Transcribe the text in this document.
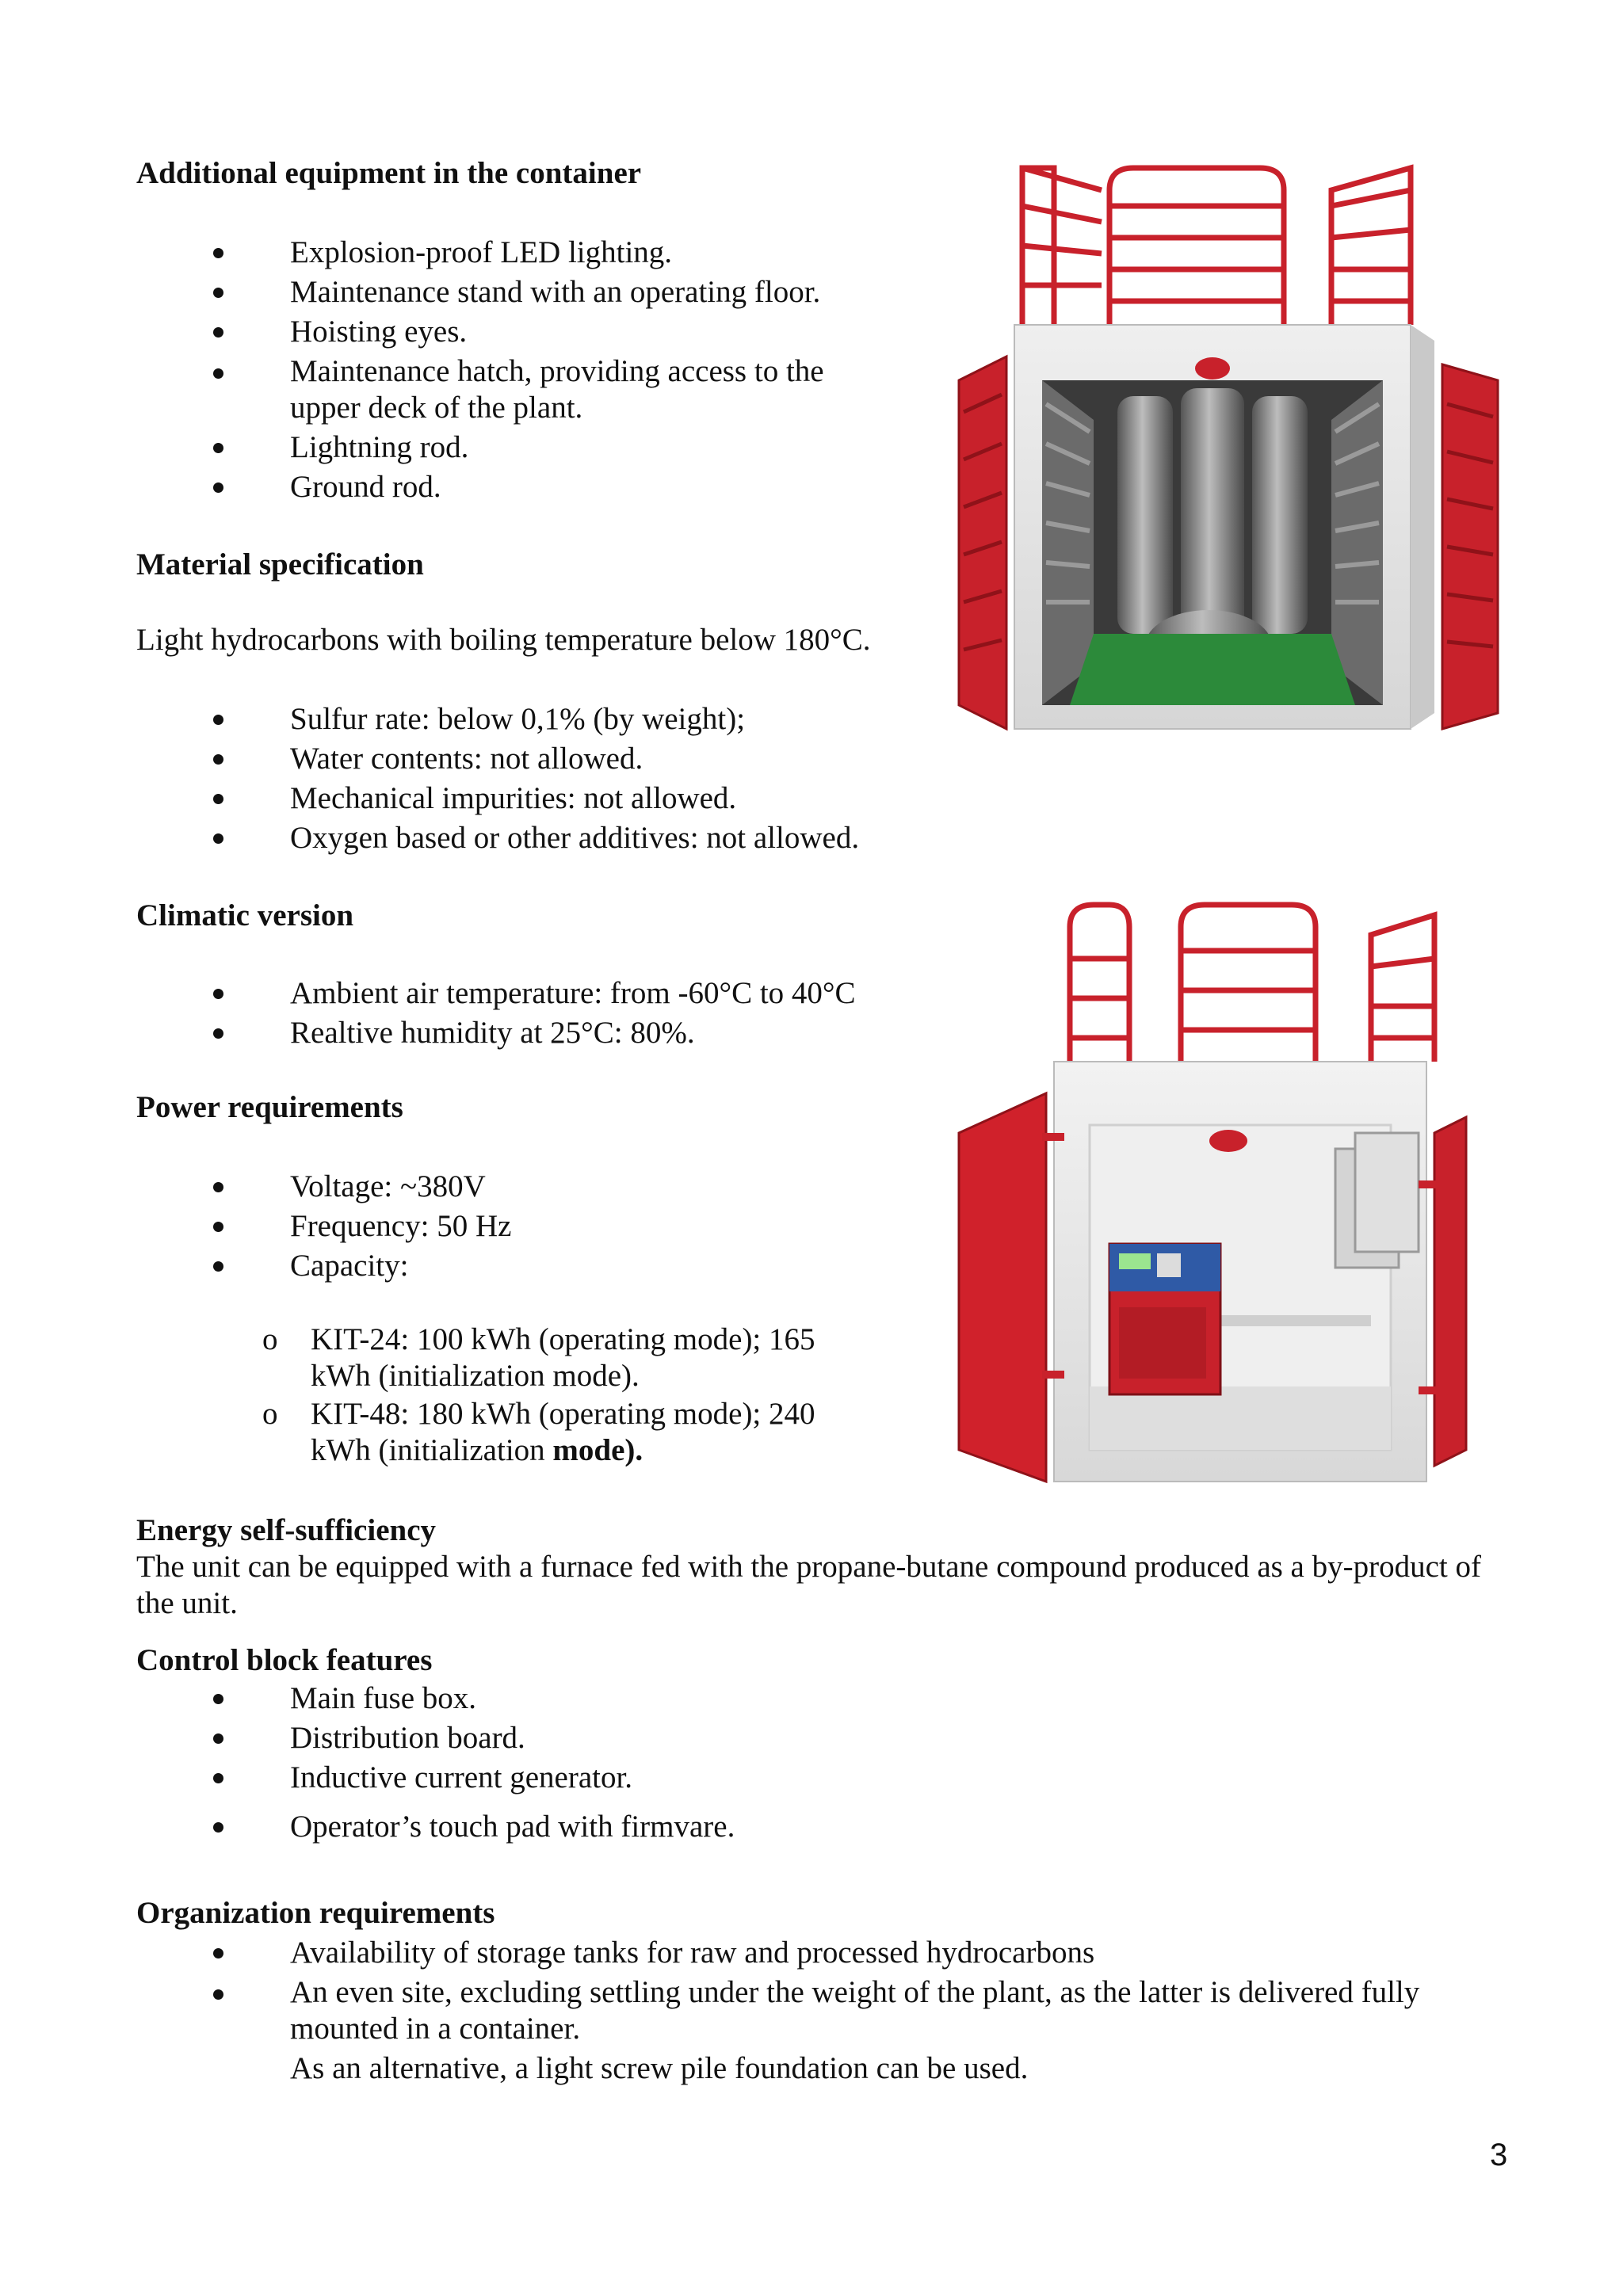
Additional equipment in the container
Explosion-proof LED lighting.
Maintenance stand with an operating floor.
Hoisting eyes.
Maintenance hatch, providing access to the upper deck of the plant.
Lightning rod.
Ground rod.
Material specification
Light hydrocarbons with boiling temperature below 180°C.
Sulfur rate: below 0,1% (by weight);
Water contents: not allowed.
Mechanical impurities: not allowed.
Oxygen based or other additives: not allowed.
Climatic version
Ambient air temperature: from -60°C to 40°C
Realtive humidity at 25°C: 80%.
Power requirements
Voltage: ~380V
Frequency: 50 Hz
Capacity:
o KIT-24: 100 kWh (operating mode); 165 kWh (initialization mode).
o KIT-48: 180 kWh (operating mode); 240 kWh (initialization mode).
Energy self-sufficiency
The unit can be equipped with a furnace fed with the propane-butane compound produced as a by-product of the unit.
Control block features
Main fuse box.
Distribution board.
Inductive current generator.
Operator’s touch pad with firmvare.
Organization requirements
Availability of storage tanks for raw and processed hydrocarbons
An even site, excluding settling under the weight of the plant, as the latter is delivered fully mounted in a container.
As an alternative, a light screw pile foundation can be used.
3
